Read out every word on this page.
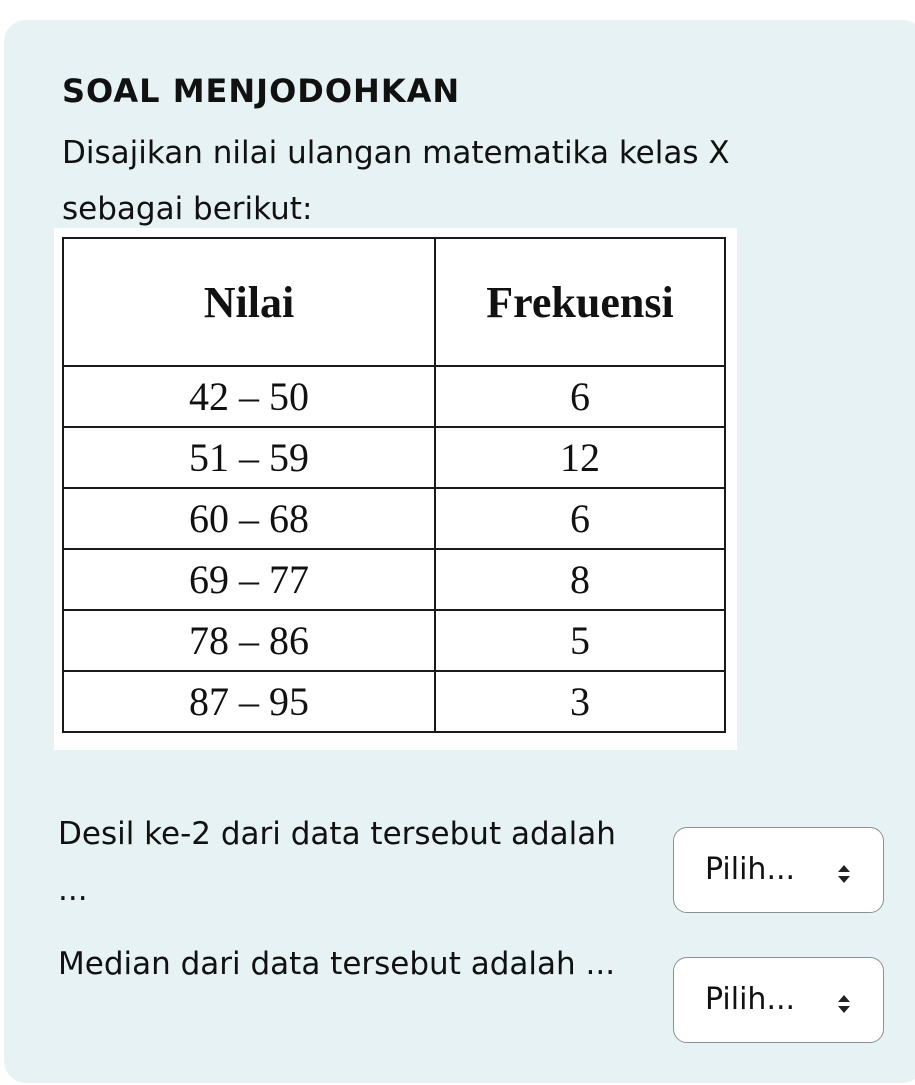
SOAL MENJODOHKAN

Disajikan nilai ulangan matematika kelas X sebagai berikut:

Nilai	Frekuensi
42 – 50	6
51 – 59	12
60 – 68	6
69 – 77	8
78 – 86	5
87 – 95	3

Desil ke-2 dari data tersebut adalah ...

Pilih...

Median dari data tersebut adalah ...

Pilih...
